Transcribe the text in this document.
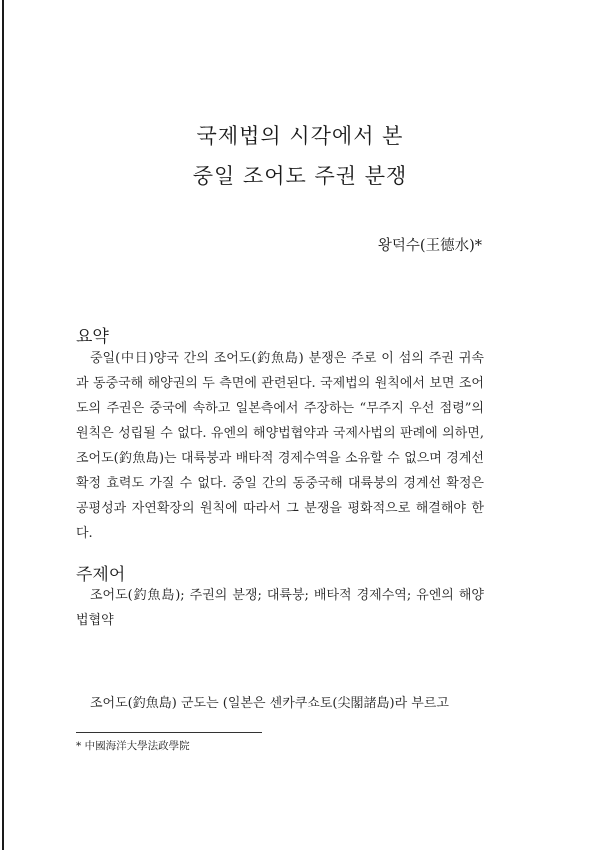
국제법의 시각에서 본
중일 조어도 주권 분쟁
왕덕수(王德水)*
요약

중일(中日)양국 간의 조어도(釣魚島) 분쟁은 주로 이 섬의 주권 귀속과 동중국해 해양권의 두 측면에 관련된다. 국제법의 원칙에서 보면 조어도의 주권은 중국에 속하고 일본측에서 주장하는 “무주지 우선 점령”의 원칙은 성립될 수 없다. 유엔의 해양법협약과 국제사법의 판례에 의하면, 조어도(釣魚島)는 대륙붕과 배타적 경제수역을 소유할 수 없으며 경계선 확정 효력도 가질 수 없다. 중일 간의 동중국해 대륙붕의 경계선 확정은 공평성과 자연확장의 원칙에 따라서 그 분쟁을 평화적으로 해결해야 한다.

주제어

조어도(釣魚島); 주권의 분쟁; 대륙붕; 배타적 경제수역; 유엔의 해양법협약

조어도(釣魚島) 군도는 (일본은 센카쿠쇼토(尖閣諸島)라 부르고

* 中國海洋大學法政學院
